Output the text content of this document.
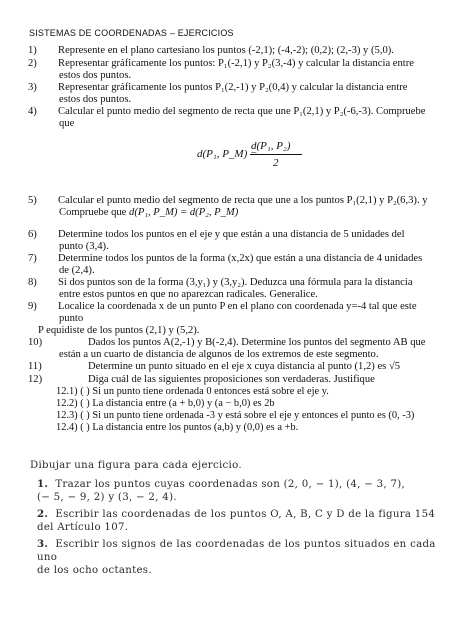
SISTEMAS DE COORDENADAS – EJERCICIOS
1) Represente en el plano cartesiano los puntos (-2,1); (-4,-2); (0,2); (2,-3) y (5,0).
2) Representar gráficamente los puntos: P₁(-2,1) y P₂(3,-4) y calcular la distancia entre
estos dos puntos.
3) Representar gráficamente los puntos P₁(2,-1) y P₂(0,4) y calcular la distancia entre
estos dos puntos.
4) Calcular el punto medio del segmento de recta que une P₁(2,1) y P₂(-6,-3). Compruebe
que
d(P₁, P_M) =
d(P₁, P₂)
2
5) Calcular el punto medio del segmento de recta que une a los puntos P₁(2,1) y P₂(6,3). y
Compruebe que d(P₁, P_M) = d(P₂, P_M)
6) Determine todos los puntos en el eje y que están a una distancia de 5 unidades del
punto (3,4).
7) Determine todos los puntos de la forma (x,2x) que están a una distancia de 4 unidades
de (2,4).
8) Si dos puntos son de la forma (3,y₁) y (3,y₂). Deduzca una fórmula para la distancia
entre estos puntos en que no aparezcan radicales. Generalice.
9) Localice la coordenada x de un punto P en el plano con coordenada y=-4 tal que este
punto
P equidiste de los puntos (2,1) y (5,2).
10)	Dados los puntos A(2,-1) y B(-2,4). Determine los puntos del segmento AB que
están a un cuarto de distancia de algunos de los extremos de este segmento.
11)	Determine un punto situado en el eje x cuya distancia al punto (1,2) es √5
12)	Diga cuál de las siguientes proposiciones son verdaderas. Justifique
12.1) ( ) Si un punto tiene ordenada 0 entonces está sobre el eje y.
12.2) ( ) La distancia entre (a + b,0) y (a − b,0) es 2b
12.3) ( ) Si un punto tiene ordenada -3 y está sobre el eje y entonces el punto es (0, -3)
12.4) ( ) La distancia entre los puntos (a,b) y (0,0) es a +b.
Dibujar una figura para cada ejercicio.
1. Trazar los puntos cuyas coordenadas son (2, 0, − 1), (4, − 3, 7),
(− 5, − 9, 2) y (3, − 2, 4).
2. Escribir las coordenadas de los puntos O, A, B, C y D de la figura 154
del Artículo 107.
3. Escribir los signos de las coordenadas de los puntos situados en cada uno
de los ocho octantes.
